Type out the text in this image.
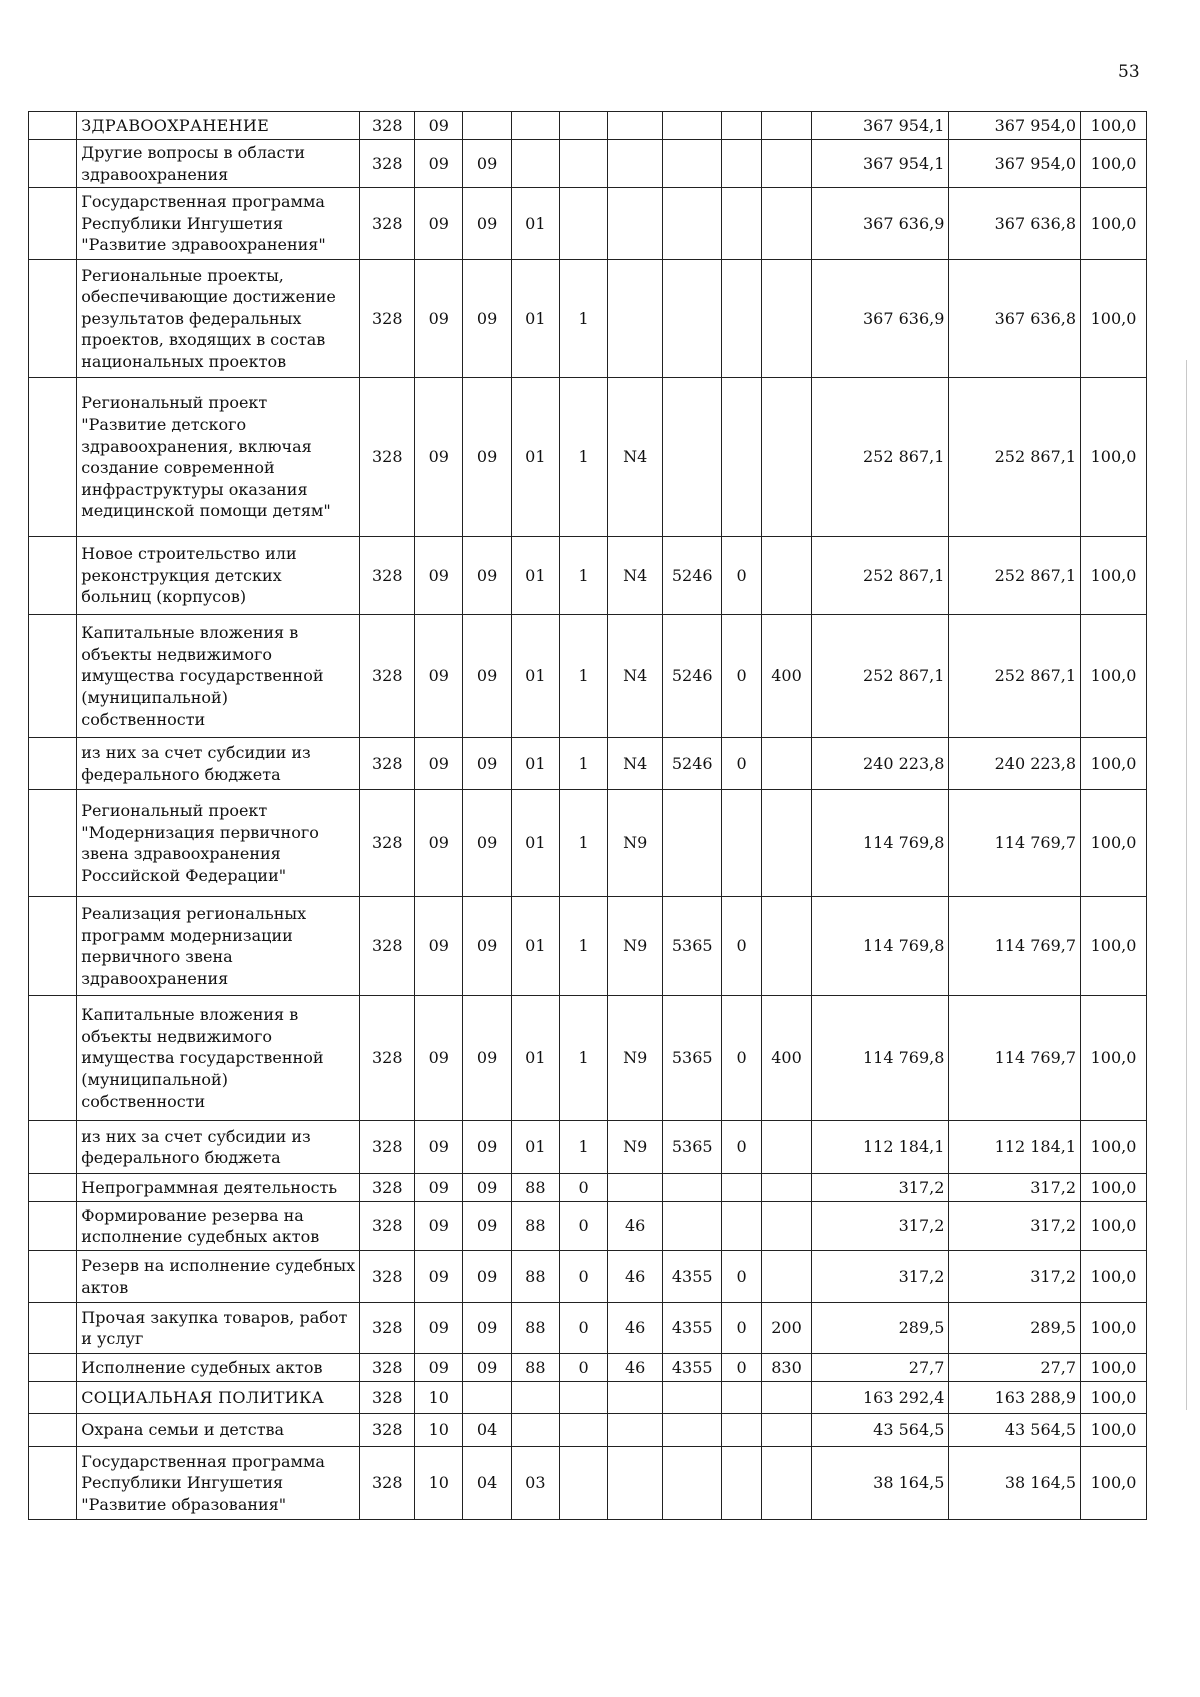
53
	ЗДРАВООХРАНЕНИЕ	328	09								367 954,1	367 954,0	100,0
	Другие вопросы в области здравоохранения	328	09	09							367 954,1	367 954,0	100,0
	Государственная программа Республики Ингушетия "Развитие здравоохранения"	328	09	09	01						367 636,9	367 636,8	100,0
	Региональные проекты, обеспечивающие достижение результатов федеральных проектов, входящих в состав национальных проектов	328	09	09	01	1					367 636,9	367 636,8	100,0
	Региональный проект "Развитие детского здравоохранения, включая создание современной инфраструктуры оказания медицинской помощи детям"	328	09	09	01	1	N4				252 867,1	252 867,1	100,0
	Новое строительство или реконструкция детских больниц (корпусов)	328	09	09	01	1	N4	5246	0		252 867,1	252 867,1	100,0
	Капитальные вложения в объекты недвижимого имущества государственной (муниципальной) собственности	328	09	09	01	1	N4	5246	0	400	252 867,1	252 867,1	100,0
	из них за счет субсидии из федерального бюджета	328	09	09	01	1	N4	5246	0		240 223,8	240 223,8	100,0
	Региональный проект "Модернизация первичного звена здравоохранения Российской Федерации"	328	09	09	01	1	N9				114 769,8	114 769,7	100,0
	Реализация региональных программ модернизации первичного звена здравоохранения	328	09	09	01	1	N9	5365	0		114 769,8	114 769,7	100,0
	Капитальные вложения в объекты недвижимого имущества государственной (муниципальной) собственности	328	09	09	01	1	N9	5365	0	400	114 769,8	114 769,7	100,0
	из них за счет субсидии из федерального бюджета	328	09	09	01	1	N9	5365	0		112 184,1	112 184,1	100,0
	Непрограммная деятельность	328	09	09	88	0					317,2	317,2	100,0
	Формирование резерва на исполнение судебных актов	328	09	09	88	0	46				317,2	317,2	100,0
	Резерв на исполнение судебных актов	328	09	09	88	0	46	4355	0		317,2	317,2	100,0
	Прочая закупка товаров, работ и услуг	328	09	09	88	0	46	4355	0	200	289,5	289,5	100,0
	Исполнение судебных актов	328	09	09	88	0	46	4355	0	830	27,7	27,7	100,0
	СОЦИАЛЬНАЯ ПОЛИТИКА	328	10								163 292,4	163 288,9	100,0
	Охрана семьи и детства	328	10	04							43 564,5	43 564,5	100,0
	Государственная программа Республики Ингушетия "Развитие образования"	328	10	04	03						38 164,5	38 164,5	100,0
